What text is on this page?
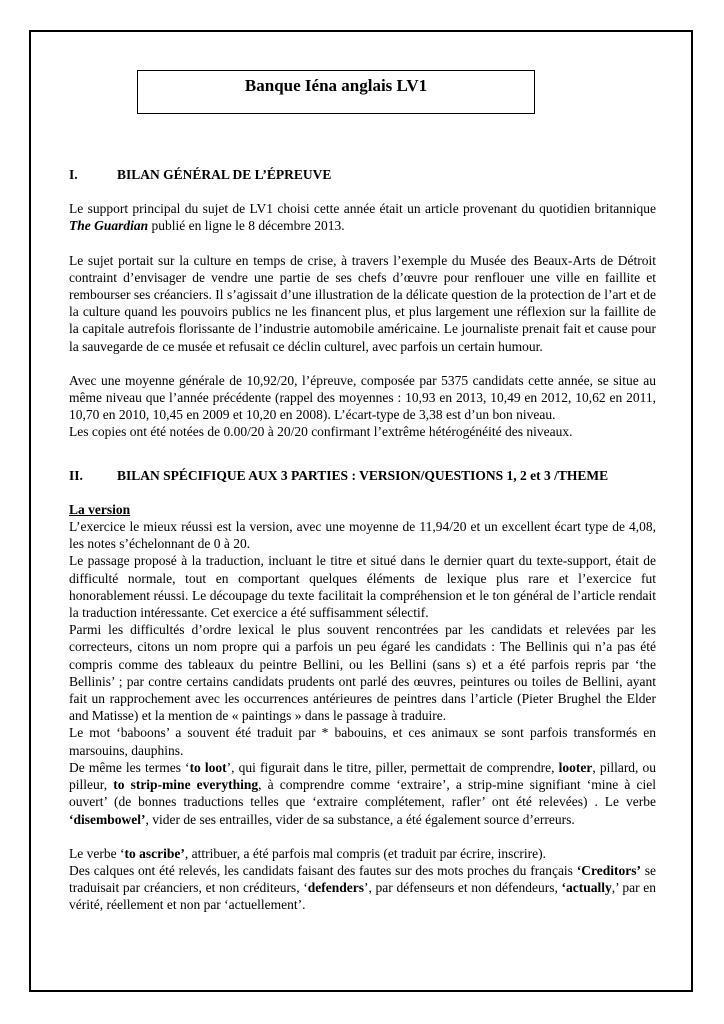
Banque Iéna anglais LV1
I.	BILAN GÉNÉRAL DE L’ÉPREUVE

Le support principal du sujet de LV1 choisi cette année était un article provenant du quotidien britannique The Guardian publié en ligne le 8 décembre 2013.

Le sujet portait sur la culture en temps de crise, à travers l’exemple du Musée des Beaux-Arts de Détroit contraint d’envisager de vendre une partie de ses chefs d’œuvre pour renflouer une ville en faillite et rembourser ses créanciers. Il s’agissait d’une illustration de la délicate question de la protection de l’art et de la culture quand les pouvoirs publics ne les financent plus, et plus largement une réflexion sur la faillite de la capitale autrefois florissante de l’industrie automobile américaine. Le journaliste prenait fait et cause pour la sauvegarde de ce musée et refusait ce déclin culturel, avec parfois un certain humour.

Avec une moyenne générale de 10,92/20, l’épreuve, composée par 5375 candidats cette année, se situe au même niveau que l’année précédente (rappel des moyennes : 10,93 en 2013, 10,49 en 2012, 10,62 en 2011, 10,70 en 2010, 10,45 en 2009 et 10,20 en 2008). L’écart-type de 3,38 est d’un bon niveau.

Les copies ont été notées de 0.00/20 à 20/20 confirmant l’extrême hétérogénéité des niveaux.

II.	BILAN SPÉCIFIQUE AUX 3 PARTIES : VERSION/QUESTIONS 1, 2 et 3 /THEME

La version

L’exercice le mieux réussi est la version, avec une moyenne de 11,94/20 et un excellent écart type de 4,08, les notes s’échelonnant de 0 à 20.

Le passage proposé à la traduction, incluant le titre et situé dans le dernier quart du texte-support, était de difficulté normale, tout en comportant quelques éléments de lexique plus rare et l’exercice fut honorablement réussi. Le découpage du texte facilitait la compréhension et le ton général de l’article rendait la traduction intéressante. Cet exercice a été suffisamment sélectif.

Parmi les difficultés d’ordre lexical le plus souvent rencontrées par les candidats et relevées par les correcteurs, citons un nom propre qui a parfois un peu égaré les candidats : The Bellinis qui n’a pas été compris comme des tableaux du peintre Bellini, ou les Bellini (sans s) et a été parfois repris par ‘the Bellinis’ ; par contre certains candidats prudents ont parlé des œuvres, peintures ou toiles de Bellini, ayant fait un rapprochement avec les occurrences antérieures de peintres dans l’article (Pieter Brughel the Elder and Matisse) et la mention de « paintings » dans le passage à traduire.

Le mot ‘baboons’ a souvent été traduit par * babouins, et ces animaux se sont parfois transformés en marsouins, dauphins.

De même les termes ‘to loot’, qui figurait dans le titre, piller, permettait de comprendre, looter, pillard, ou pilleur, to strip-mine everything, à comprendre comme ‘extraire’, a strip-mine signifiant ‘mine à ciel ouvert’ (de bonnes traductions telles que ‘extraire complétement, rafler’ ont été relevées) . Le verbe ‘disembowel’, vider de ses entrailles, vider de sa substance, a été également source d’erreurs.

Le verbe ‘to ascribe’, attribuer, a été parfois mal compris (et traduit par écrire, inscrire).

Des calques ont été relevés, les candidats faisant des fautes sur des mots proches du français ‘Creditors’ se traduisait par créanciers, et non créditeurs, ‘defenders’, par défenseurs et non défendeurs, ‘actually,’ par en vérité, réellement et non par ‘actuellement’.
